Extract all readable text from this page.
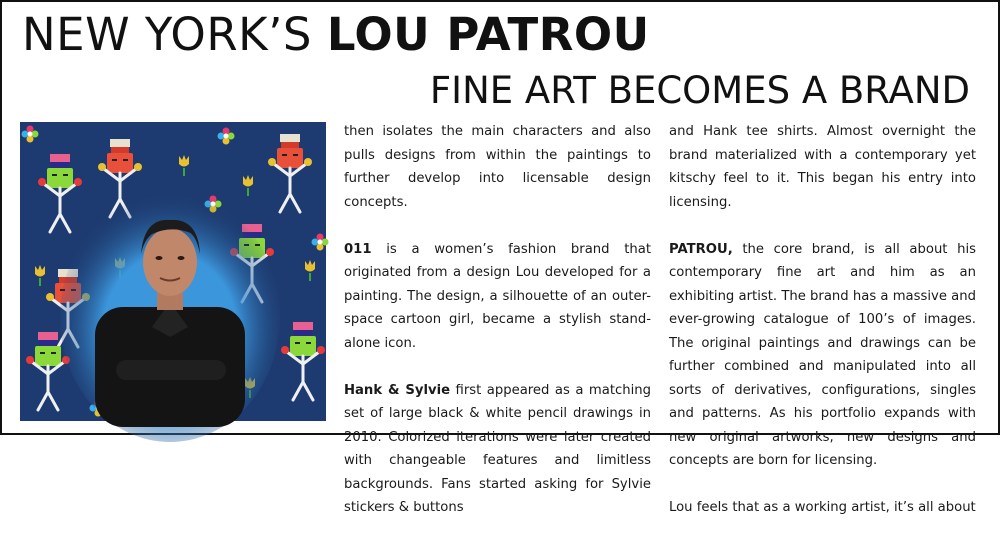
NEW YORK’S LOU PATROU
FINE ART BECOMES A BRAND

then isolates the main characters and also pulls designs from within the paintings to further develop into licensable design concepts.

011 is a women’s fashion brand that originated from a design Lou developed for a painting. The design, a silhouette of an outer-space cartoon girl, became a stylish stand-alone icon.

Hank & Sylvie first appeared as a matching set of large black & white pencil drawings in 2010. Colorized iterations were later created with changeable features and limitless backgrounds. Fans started asking for Sylvie stickers & buttons

and Hank tee shirts. Almost overnight the brand materialized with a contemporary yet kitschy feel to it. This began his entry into licensing.

PATROU, the core brand, is all about his contemporary fine art and him as an exhibiting artist. The brand has a massive and ever-growing catalogue of 100’s of images. The original paintings and drawings can be further combined and manipulated into all sorts of derivatives, configurations, singles and patterns. As his portfolio expands with new original artworks, new designs and concepts are born for licensing.

Lou feels that as a working artist, it’s all about
